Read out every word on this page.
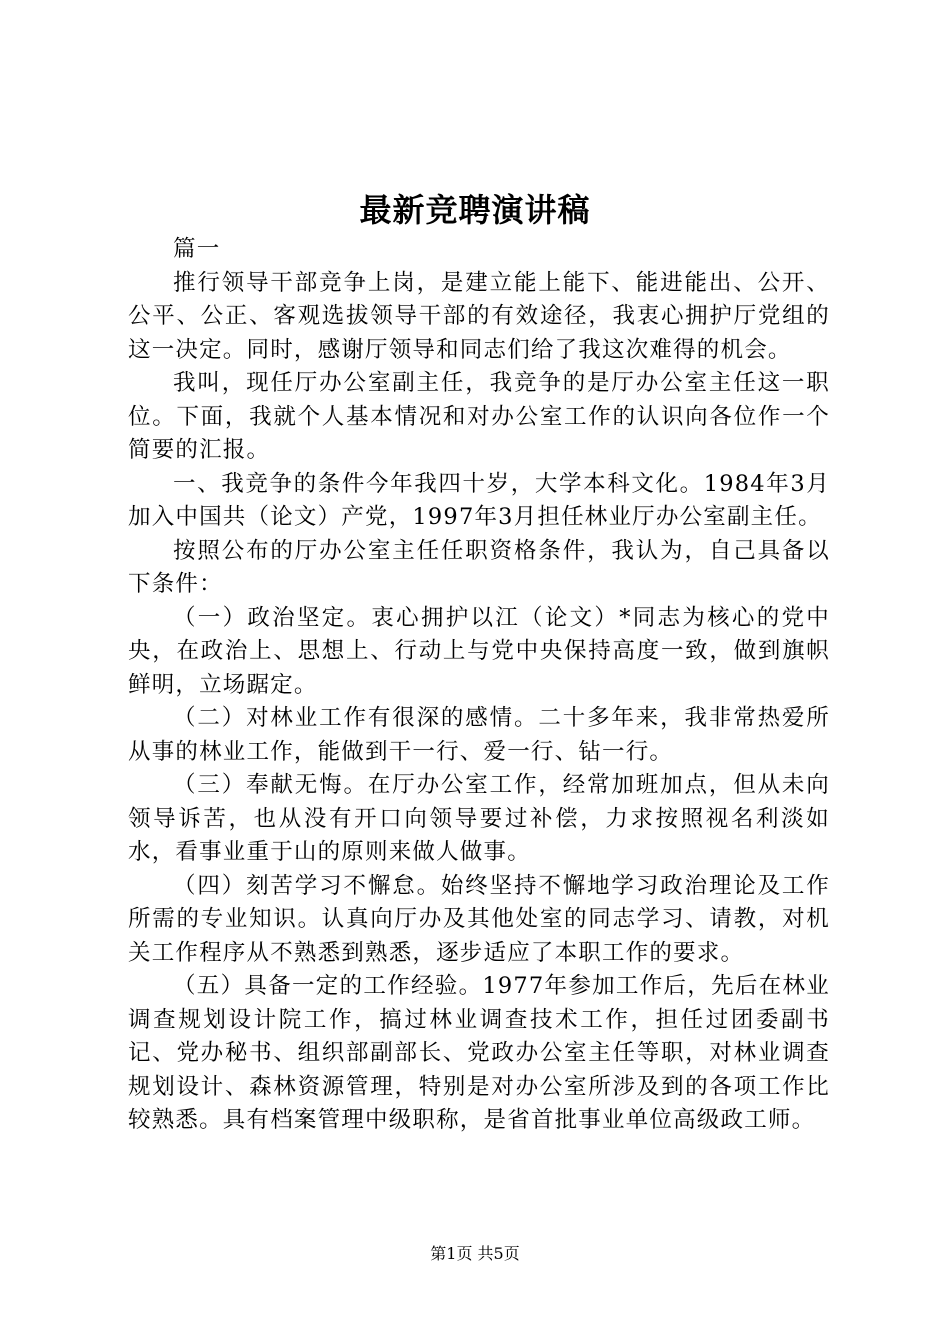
最新竞聘演讲稿

篇一

推行领导干部竞争上岗，是建立能上能下、能进能出、公开、公平、公正、客观选拔领导干部的有效途径，我衷心拥护厅党组的这一决定。同时，感谢厅领导和同志们给了我这次难得的机会。

我叫，现任厅办公室副主任，我竞争的是厅办公室主任这一职位。下面，我就个人基本情况和对办公室工作的认识向各位作一个简要的汇报。

一、我竞争的条件今年我四十岁，大学本科文化。1984年3月加入中国共（论文）产党，1997年3月担任林业厅办公室副主任。

按照公布的厅办公室主任任职资格条件，我认为，自己具备以下条件：

（一）政治坚定。衷心拥护以江（论文）*同志为核心的党中央，在政治上、思想上、行动上与党中央保持高度一致，做到旗帜鲜明，立场踞定。

（二）对林业工作有很深的感情。二十多年来，我非常热爱所从事的林业工作，能做到干一行、爱一行、钻一行。

（三）奉献无悔。在厅办公室工作，经常加班加点，但从未向领导诉苦，也从没有开口向领导要过补偿，力求按照视名利淡如水，看事业重于山的原则来做人做事。

（四）刻苦学习不懈怠。始终坚持不懈地学习政治理论及工作所需的专业知识。认真向厅办及其他处室的同志学习、请教，对机关工作程序从不熟悉到熟悉，逐步适应了本职工作的要求。

（五）具备一定的工作经验。1977年参加工作后，先后在林业调查规划设计院工作，搞过林业调查技术工作，担任过团委副书记、党办秘书、组织部副部长、党政办公室主任等职，对林业调查规划设计、森林资源管理，特别是对办公室所涉及到的各项工作比较熟悉。具有档案管理中级职称，是省首批事业单位高级政工师。

第1页 共5页
